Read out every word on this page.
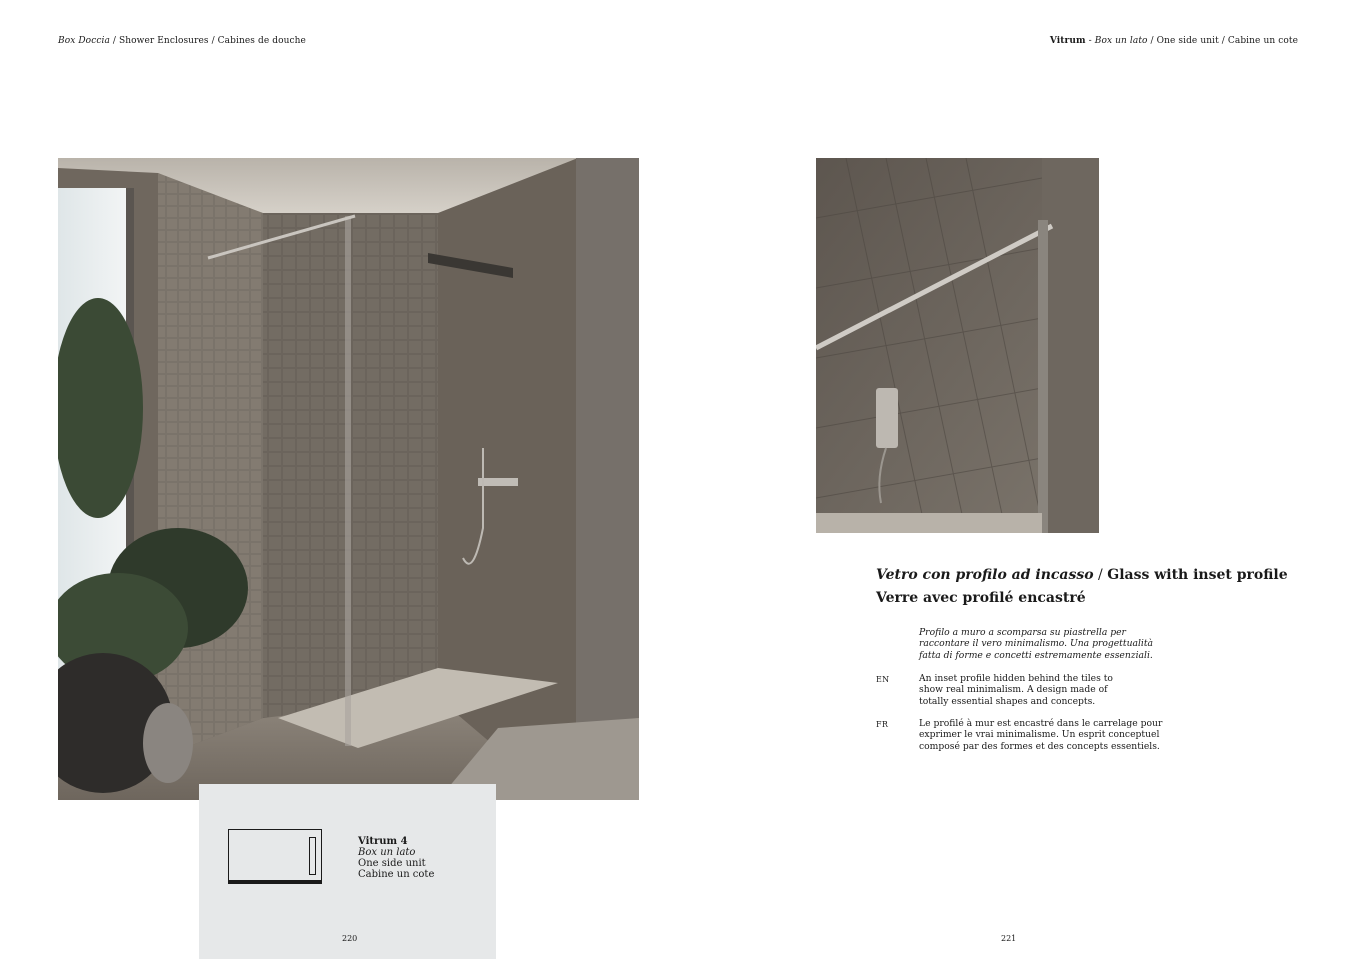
Box Doccia / Shower Enclosures / Cabines de douche	Vitrum - Box un lato / One side unit / Cabine un cote
Vitrum 4
Box un lato
One side unit
Cabine un cote
220	221
Vetro con profilo ad incasso / Glass with inset profile
Verre avec profilé encastré
Profilo a muro a scomparsa su piastrella per
raccontare il vero minimalismo. Una progettualità
fatta di forme e concetti estremamente essenziali.
EN	An inset profile hidden behind the tiles to
show real minimalism. A design made of
totally essential shapes and concepts.
FR	Le profilé à mur est encastré dans le carrelage pour
exprimer le vrai minimalisme. Un esprit conceptuel
composé par des formes et des concepts essentiels.
